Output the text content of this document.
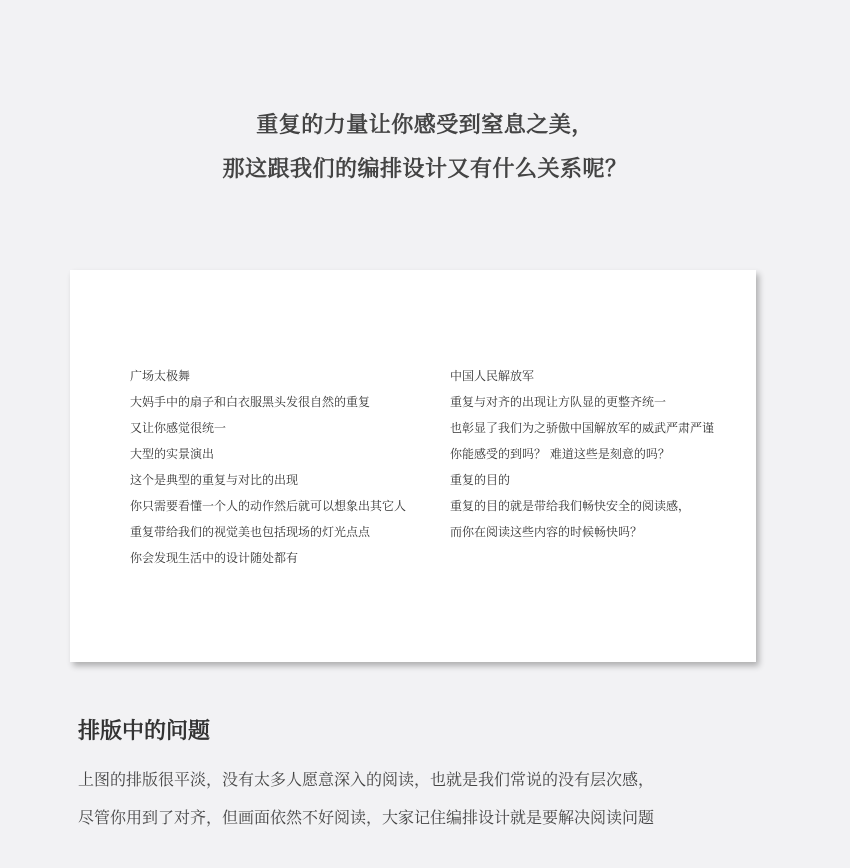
重复的力量让你感受到窒息之美，
那这跟我们的编排设计又有什么关系呢？
广场太极舞
大妈手中的扇子和白衣服黑头发很自然的重复
又让你感觉很统一
大型的实景演出
这个是典型的重复与对比的出现
你只需要看懂一个人的动作然后就可以想象出其它人
重复带给我们的视觉美也包括现场的灯光点点
你会发现生活中的设计随处都有
中国人民解放军
重复与对齐的出现让方队显的更整齐统一
也彰显了我们为之骄傲中国解放军的威武严肃严谨
你能感受的到吗？ 难道这些是刻意的吗？
重复的目的
重复的目的就是带给我们畅快安全的阅读感，
而你在阅读这些内容的时候畅快吗？
排版中的问题
上图的排版很平淡，没有太多人愿意深入的阅读，也就是我们常说的没有层次感，
尽管你用到了对齐，但画面依然不好阅读，大家记住编排设计就是要解决阅读问题
